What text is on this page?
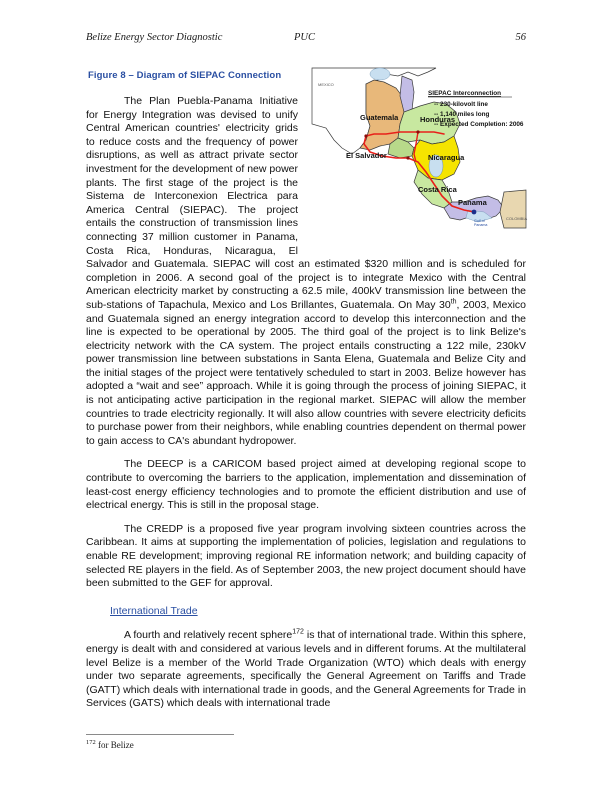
Belize Energy Sector Diagnostic	PUC	56
Figure 8 – Diagram of SIEPAC Connection
Guatemala	Honduras
Nicaragua
El Salvador
Costa Rica
Panama
MEXICO
COLOMBIA
Gulf of
Panama
SIEPAC Interconnection
-- 230-kilovolt line
-- 1,140 miles long
-- Expected Completion: 2006

The Plan Puebla-Panama Initiative for Energy Integration was devised to unify Central American countries' electricity grids to reduce costs and the frequency of power disruptions, as well as attract private sector investment for the development of new power plants. The first stage of the project is the Sistema de Interconexion Electrica para America Central (SIEPAC). The project entails the construction of transmission lines connecting 37 million customer in Panama, Costa Rica, Honduras, Nicaragua, El Salvador and Guatemala. SIEPAC will cost an estimated $320 million and is scheduled for completion in 2006. A second goal of the project is to integrate Mexico with the Central American electricity market by constructing a 62.5 mile, 400kV transmission line between the sub-stations of Tapachula, Mexico and Los Brillantes, Guatemala. On May 30th, 2003, Mexico and Guatemala signed an energy integration accord to develop this interconnection and the line is expected to be operational by 2005. The third goal of the project is to link Belize's electricity network with the CA system. The project entails constructing a 122 mile, 230kV power transmission line between substations in Santa Elena, Guatemala and Belize City and the initial stages of the project were tentatively scheduled to start in 2003. Belize however has adopted a “wait and see” approach. While it is going through the process of joining SIEPAC, it is not anticipating active participation in the regional market. SIEPAC will allow the member countries to trade electricity regionally. It will also allow countries with severe electricity deficits to purchase power from their neighbors, while enabling countries dependent on thermal power to gain access to CA's abundant hydropower.

The DEECP is a CARICOM based project aimed at developing regional scope to contribute to overcoming the barriers to the application, implementation and dissemination of least-cost energy efficiency technologies and to promote the efficient distribution and use of electrical energy. This is still in the proposal stage.

The CREDP is a proposed five year program involving sixteen countries across the Caribbean. It aims at supporting the implementation of policies, legislation and regulations to enable RE development; improving regional RE information network; and building capacity of selected RE players in the field. As of September 2003, the new project document should have been submitted to the GEF for approval.

International Trade

A fourth and relatively recent sphere$^{172}$ is that of international trade. Within this sphere, energy is dealt with and considered at various levels and in different forums. At the multilateral level Belize is a member of the World Trade Organization (WTO) which deals with energy under two separate agreements, specifically the General Agreement on Tariffs and Trade (GATT) which deals with international trade in goods, and the General Agreements for Trade in Services (GATS) which deals with international trade

$^{172}$ for Belize
